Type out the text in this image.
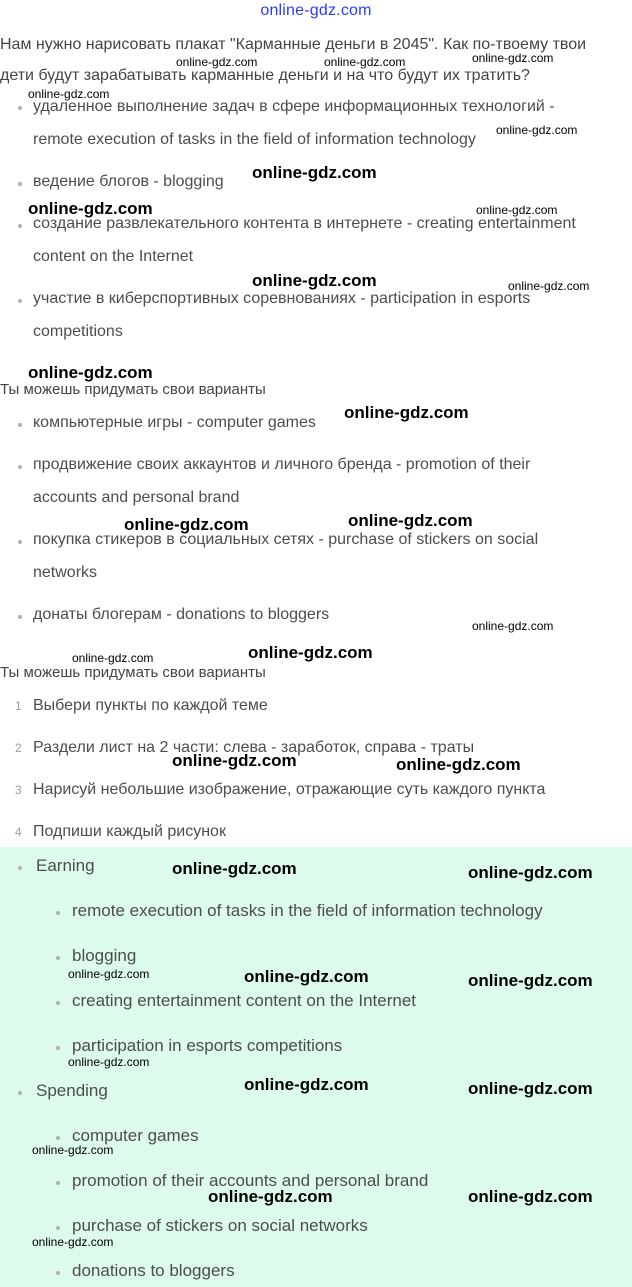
online-gdz.com
Нам нужно нарисовать плакат "Карманные деньги в 2045". Как по-твоему твои
дети будут зарабатывать карманные деньги и на что будут их тратить?
удаленное выполнение задач в сфере информационных технологий -
remote execution of tasks in the field of information technology
ведение блогов - blogging
создание развлекательного контента в интернете - creating entertainment
content on the Internet
участие в киберспортивных соревнованиях - participation in esports
competitions
Ты можешь придумать свои варианты
компьютерные игры - computer games
продвижение своих аккаунтов и личного бренда - promotion of their
accounts and personal brand
покупка стикеров в социальных сетях - purchase of stickers on social
networks
донаты блогерам - donations to bloggers
Ты можешь придумать свои варианты
1 Выбери пункты по каждой теме
2 Раздели лист на 2 части: слева - заработок, справа - траты
3 Нарисуй небольшие изображение, отражающие суть каждого пункта
4 Подпиши каждый рисунок
Earning
remote execution of tasks in the field of information technology
blogging
creating entertainment content on the Internet
participation in esports competitions
Spending
computer games
promotion of their accounts and personal brand
purchase of stickers on social networks
donations to bloggers
online-gdz.com	online-gdz.com	online-gdz.com
online-gdz.com
online-gdz.com
online-gdz.com
online-gdz.com	online-gdz.com
online-gdz.com	online-gdz.com
online-gdz.com
online-gdz.com
online-gdz.com	online-gdz.com
online-gdz.com
online-gdz.com
online-gdz.com
online-gdz.com	online-gdz.com
online-gdz.com	online-gdz.com
online-gdz.com	online-gdz.com	online-gdz.com
online-gdz.com
online-gdz.com	online-gdz.com
online-gdz.com
online-gdz.com	online-gdz.com
online-gdz.com
